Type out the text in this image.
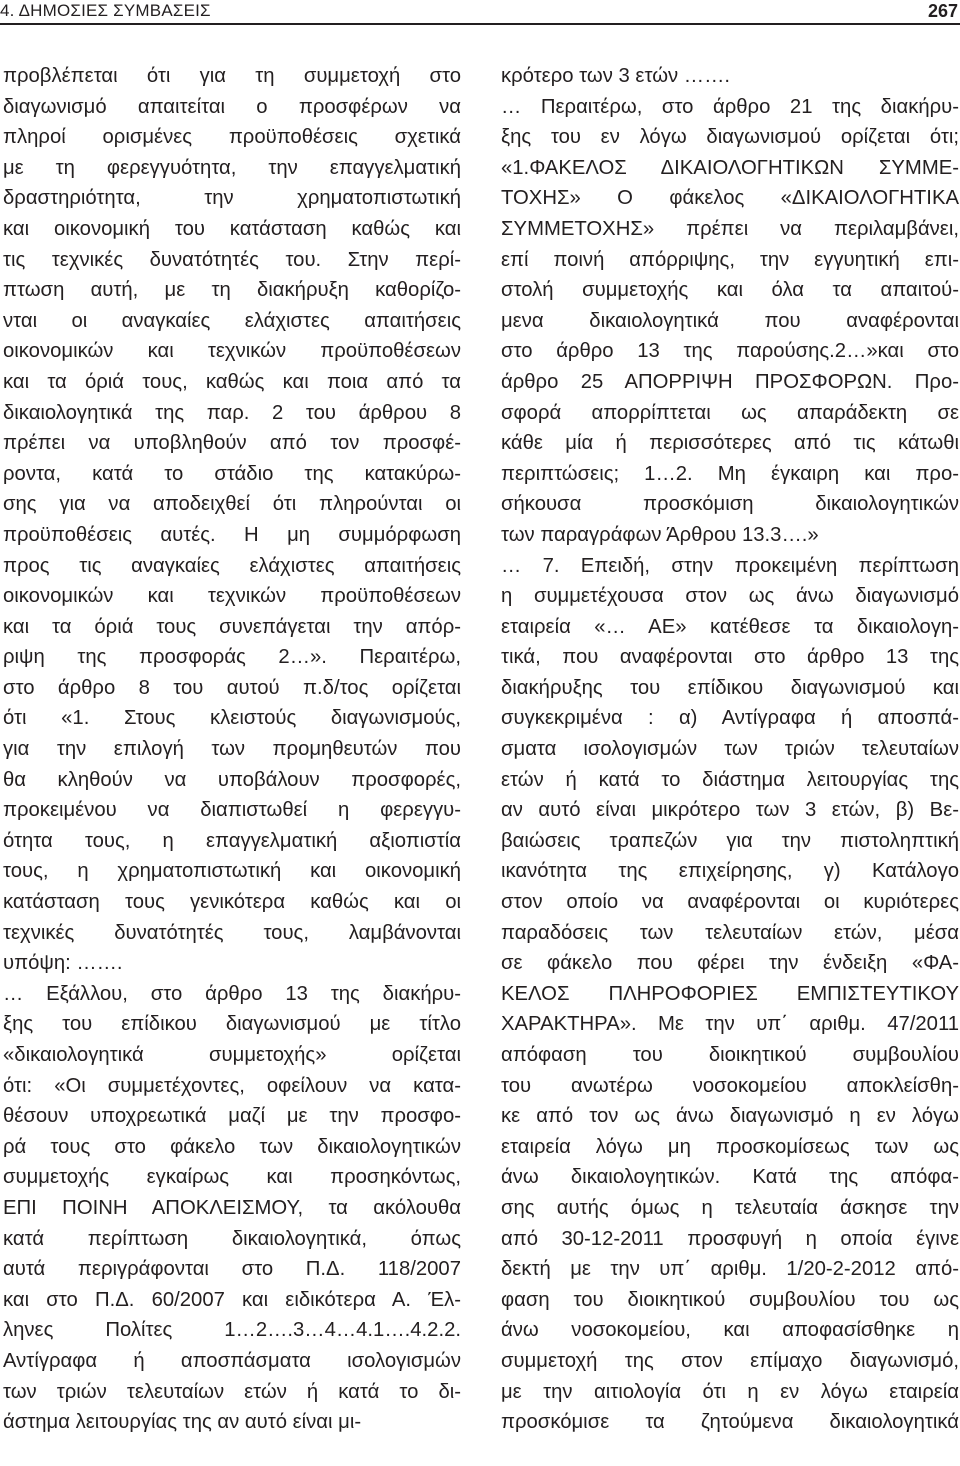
4. ΔΗΜΟΣΙΕΣ ΣΥΜΒΑΣΕΙΣ	267
προβλέπεται ότι για τη συμμετοχή στο
διαγωνισμό απαιτείται ο προσφέρων να
πληροί ορισμένες προϋποθέσεις σχετικά
με τη φερεγγυότητα, την επαγγελματική
δραστηριότητα, την χρηματοπιστωτική
και οικονομική του κατάσταση καθώς και
τις τεχνικές δυνατότητές του. Στην περί-
πτωση αυτή, με τη διακήρυξη καθορίζο-
νται οι αναγκαίες ελάχιστες απαιτήσεις
οικονομικών και τεχνικών προϋποθέσεων
και τα όριά τους, καθώς και ποια από τα
δικαιολογητικά της παρ. 2 του άρθρου 8
πρέπει να υποβληθούν από τον προσφέ-
ροντα, κατά το στάδιο της κατακύρω-
σης για να αποδειχθεί ότι πληρούνται οι
προϋποθέσεις αυτές. Η μη συμμόρφωση
προς τις αναγκαίες ελάχιστες απαιτήσεις
οικονομικών και τεχνικών προϋποθέσεων
και τα όριά τους συνεπάγεται την απόρ-
ριψη της προσφοράς 2…». Περαιτέρω,
στο άρθρο 8 του αυτού π.δ/τος ορίζεται
ότι «1. Στους κλειστούς διαγωνισμούς,
για την επιλογή των προμηθευτών που
θα κληθούν να υποβάλουν προσφορές,
προκειμένου να διαπιστωθεί η φερεγγυ-
ότητα τους, η επαγγελματική αξιοπιστία
τους, η χρηματοπιστωτική και οικονομική
κατάσταση τους γενικότερα καθώς και οι
τεχνικές δυνατότητές τους, λαμβάνονται
υπόψη: …….
… Εξάλλου, στο άρθρο 13 της διακήρυ-
ξης του επίδικου διαγωνισμού με τίτλο
«δικαιολογητικά συμμετοχής» ορίζεται
ότι: «Οι συμμετέχοντες, οφείλουν να κατα-
θέσουν υποχρεωτικά μαζί με την προσφο-
ρά τους στο φάκελο των δικαιολογητικών
συμμετοχής εγκαίρως και προσηκόντως,
ΕΠΙ ΠΟΙΝΗ ΑΠΟΚΛΕΙΣΜΟΥ, τα ακόλουθα
κατά περίπτωση δικαιολογητικά, όπως
αυτά περιγράφονται στο Π.Δ. 118/2007
και στο Π.Δ. 60/2007 και ειδικότερα Α. Έλ-
ληνες Πολίτες 1…2….3…4…4.1….4.2.2.
Αντίγραφα ή αποσπάσματα ισολογισμών
των τριών τελευταίων ετών ή κατά το δι-
άστημα λειτουργίας της αν αυτό είναι μι-
κρότερο των 3 ετών …….
… Περαιτέρω, στο άρθρο 21 της διακήρυ-
ξης του εν λόγω διαγωνισμού ορίζεται ότι;
«1.ΦΑΚΕΛΟΣ ΔΙΚΑΙΟΛΟΓΗΤΙΚΩΝ ΣΥΜΜΕ-
ΤΟΧΗΣ» Ο φάκελος «ΔΙΚΑΙΟΛΟΓΗΤΙΚΑ
ΣΥΜΜΕΤΟΧΗΣ» πρέπει να περιλαμβάνει,
επί ποινή απόρριψης, την εγγυητική επι-
στολή συμμετοχής και όλα τα απαιτού-
μενα δικαιολογητικά που αναφέρονται
στο άρθρο 13 της παρούσης.2…»και στο
άρθρο 25 ΑΠΟΡΡΙΨΗ ΠΡΟΣΦΟΡΩΝ. Προ-
σφορά απορρίπτεται ως απαράδεκτη σε
κάθε μία ή περισσότερες από τις κάτωθι
περιπτώσεις; 1…2. Μη έγκαιρη και προ-
σήκουσα προσκόμιση δικαιολογητικών
των παραγράφων Άρθρου 13.3….»
… 7. Επειδή, στην προκειμένη περίπτωση
η συμμετέχουσα στον ως άνω διαγωνισμό
εταιρεία «… ΑΕ» κατέθεσε τα δικαιολογη-
τικά, που αναφέρονται στο άρθρο 13 της
διακήρυξης του επίδικου διαγωνισμού και
συγκεκριμένα : α) Αντίγραφα ή αποσπά-
σματα ισολογισμών των τριών τελευταίων
ετών ή κατά το διάστημα λειτουργίας της
αν αυτό είναι μικρότερο των 3 ετών, β) Βε-
βαιώσεις τραπεζών για την πιστοληπτική
ικανότητα της επιχείρησης, γ) Κατάλογο
στον οποίο να αναφέρονται οι κυριότερες
παραδόσεις των τελευταίων ετών, μέσα
σε φάκελο που φέρει την ένδειξη «ΦΑ-
ΚΕΛΟΣ ΠΛΗΡΟΦΟΡΙΕΣ ΕΜΠΙΣΤΕΥΤΙΚΟΥ
ΧΑΡΑΚΤΗΡΑ». Με την υπ΄ αριθμ. 47/2011
απόφαση του διοικητικού συμβουλίου
του ανωτέρω νοσοκομείου αποκλείσθη-
κε από τον ως άνω διαγωνισμό η εν λόγω
εταιρεία λόγω μη προσκομίσεως των ως
άνω δικαιολογητικών. Κατά της απόφα-
σης αυτής όμως η τελευταία άσκησε την
από 30-12-2011 προσφυγή η οποία έγινε
δεκτή με την υπ΄ αριθμ. 1/20-2-2012 από-
φαση του διοικητικού συμβουλίου του ως
άνω νοσοκομείου, και αποφασίσθηκε η
συμμετοχή της στον επίμαχο διαγωνισμό,
με την αιτιολογία ότι η εν λόγω εταιρεία
προσκόμισε τα ζητούμενα δικαιολογητικά
